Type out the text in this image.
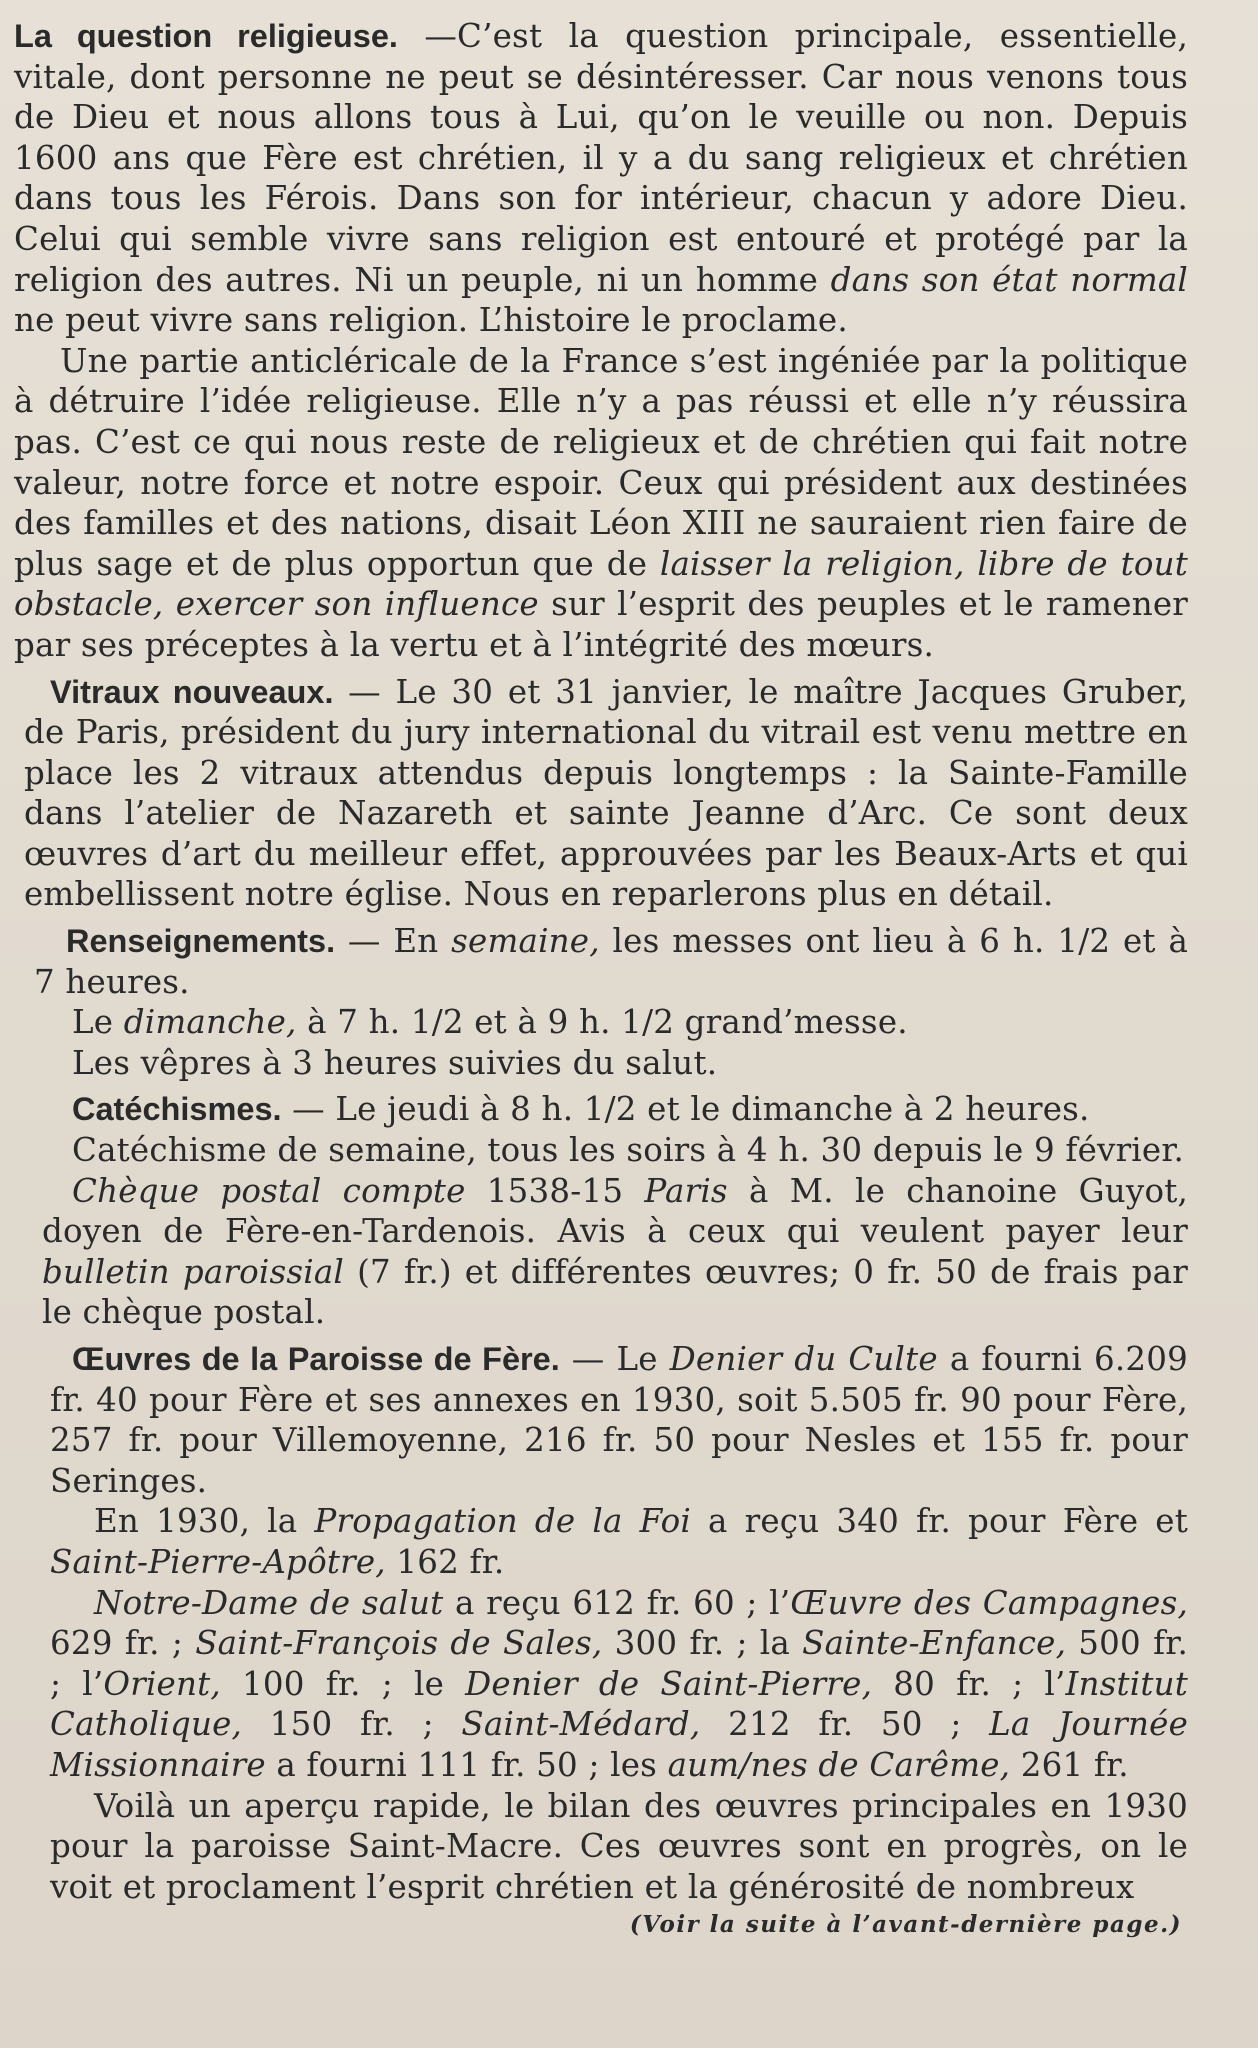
La question religieuse. —C’est la question principale, essentielle, vitale, dont personne ne peut se désintéresser. Car nous venons tous de Dieu et nous allons tous à Lui, qu’on le veuille ou non. Depuis 1600 ans que Fère est chrétien, il y a du sang religieux et chrétien dans tous les Férois. Dans son for intérieur, chacun y adore Dieu. Celui qui semble vivre sans religion est entouré et protégé par la religion des autres. Ni un peuple, ni un homme dans son état normal ne peut vivre sans religion. L’histoire le proclame.

Une partie anticléricale de la France s’est ingéniée par la politique à détruire l’idée religieuse. Elle n’y a pas réussi et elle n’y réussira pas. C’est ce qui nous reste de religieux et de chrétien qui fait notre valeur, notre force et notre espoir. Ceux qui président aux destinées des familles et des nations, disait Léon XIII ne sauraient rien faire de plus sage et de plus opportun que de laisser la religion, libre de tout obstacle, exercer son influence sur l’esprit des peuples et le ramener par ses préceptes à la vertu et à l’intégrité des mœurs.

Vitraux nouveaux. — Le 30 et 31 janvier, le maître Jacques Gruber, de Paris, président du jury international du vitrail est venu mettre en place les 2 vitraux attendus depuis longtemps : la Sainte-Famille dans l’atelier de Nazareth et sainte Jeanne d’Arc. Ce sont deux œuvres d’art du meilleur effet, approuvées par les Beaux-Arts et qui embellissent notre église. Nous en reparlerons plus en détail.

Renseignements. — En semaine, les messes ont lieu à 6 h. 1/2 et à 7 heures.

Le dimanche, à 7 h. 1/2 et à 9 h. 1/2 grand’messe.

Les vêpres à 3 heures suivies du salut.

Catéchismes. — Le jeudi à 8 h. 1/2 et le dimanche à 2 heures.

Catéchisme de semaine, tous les soirs à 4 h. 30 depuis le 9 février.

Chèque postal compte 1538-15 Paris à M. le chanoine Guyot, doyen de Fère-en-Tardenois. Avis à ceux qui veulent payer leur bulletin paroissial (7 fr.) et différentes œuvres; 0 fr. 50 de frais par le chèque postal.

Œuvres de la Paroisse de Fère. — Le Denier du Culte a fourni 6.209 fr. 40 pour Fère et ses annexes en 1930, soit 5.505 fr. 90 pour Fère, 257 fr. pour Villemoyenne, 216 fr. 50 pour Nesles et 155 fr. pour Seringes.

En 1930, la Propagation de la Foi a reçu 340 fr. pour Fère et Saint-Pierre-Apôtre, 162 fr.

Notre-Dame de salut a reçu 612 fr. 60 ; l’Œuvre des Campagnes, 629 fr. ; Saint-François de Sales, 300 fr. ; la Sainte-Enfance, 500 fr. ; l’Orient, 100 fr. ; le Denier de Saint-Pierre, 80 fr. ; l’Institut Catholique, 150 fr. ; Saint-Médard, 212 fr. 50 ; La Journée Missionnaire a fourni 111 fr. 50 ; les aum/nes de Carême, 261 fr.

Voilà un aperçu rapide, le bilan des œuvres principales en 1930 pour la paroisse Saint-Macre. Ces œuvres sont en progrès, on le voit et proclament l’esprit chrétien et la générosité de nombreux

(Voir la suite à l’avant-dernière page.)
